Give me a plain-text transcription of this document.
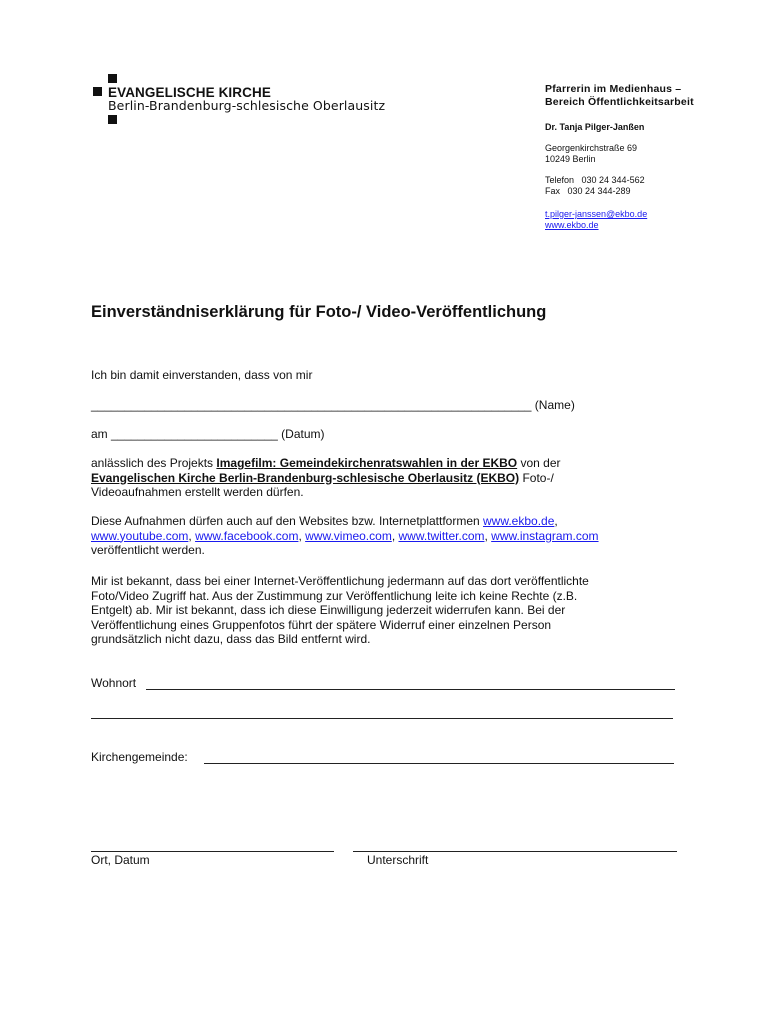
EVANGELISCHE KIRCHE
Berlin-Brandenburg-schlesische Oberlausitz
Pfarrerin im Medienhaus –
Bereich Öffentlichkeitsarbeit
Dr. Tanja Pilger-Janßen
Georgenkirchstraße 69
10249 Berlin
Telefon   030 24 344-562
Fax   030 24 344-289
t.pilger-janssen@ekbo.de
www.ekbo.de
Einverständniserklärung für Foto-/ Video-Veröffentlichung
Ich bin damit einverstanden, dass von mir
__________________________________________________________________ (Name)
am _________________________ (Datum)
anlässlich des Projekts Imagefilm: Gemeindekirchenratswahlen in der EKBO von der
Evangelischen Kirche Berlin-Brandenburg-schlesische Oberlausitz (EKBO) Foto-/
Videoaufnahmen erstellt werden dürfen.
Diese Aufnahmen dürfen auch auf den Websites bzw. Internetplattformen www.ekbo.de,
www.youtube.com, www.facebook.com, www.vimeo.com, www.twitter.com, www.instagram.com
veröffentlicht werden.
Mir ist bekannt, dass bei einer Internet-Veröffentlichung jedermann auf das dort veröffentlichte
Foto/Video Zugriff hat. Aus der Zustimmung zur Veröffentlichung leite ich keine Rechte (z.B.
Entgelt) ab. Mir ist bekannt, dass ich diese Einwilligung jederzeit widerrufen kann. Bei der
Veröffentlichung eines Gruppenfotos führt der spätere Widerruf einer einzelnen Person
grundsätzlich nicht dazu, dass das Bild entfernt wird.
Wohnort
Kirchengemeinde:
Ort, Datum	Unterschrift
